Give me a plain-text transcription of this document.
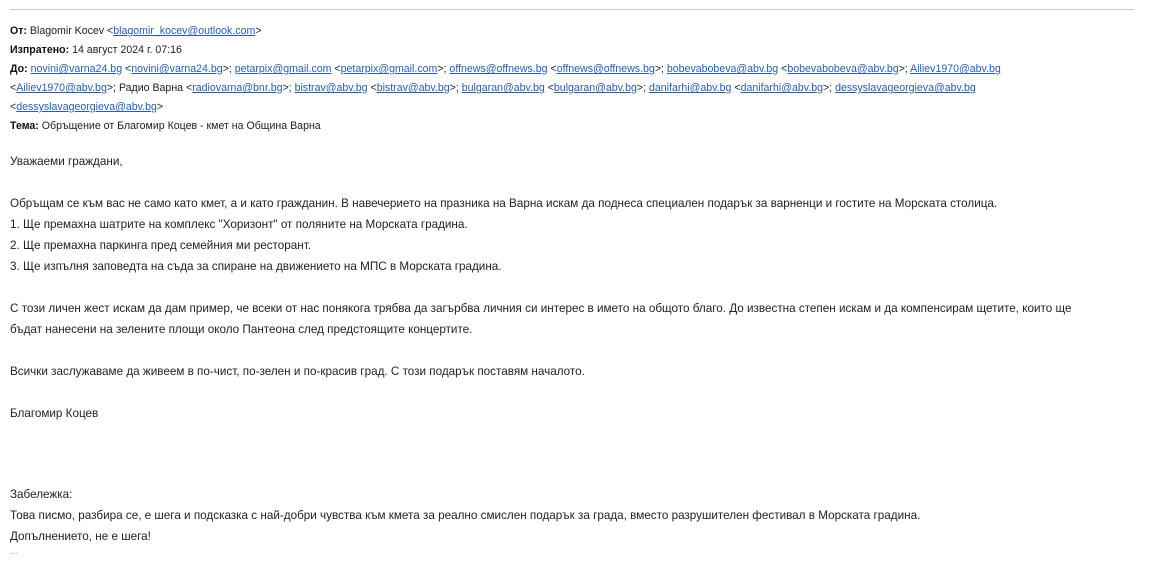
От: Blagomir Kocev <blagomir_kocev@outlook.com>
Изпратено: 14 август 2024 г. 07:16
До: novini@varna24.bg <novini@varna24.bg>; petarpix@gmail.com <petarpix@gmail.com>; offnews@offnews.bg <offnews@offnews.bg>; bobevabobeva@abv.bg <bobevabobeva@abv.bg>; Ailiev1970@abv.bg
<Ailiev1970@abv.bg>; Радио Варна <radiovarna@bnr.bg>; bistrav@abv.bg <bistrav@abv.bg>; bulgaran@abv.bg <bulgaran@abv.bg>; danifarhi@abv.bg <danifarhi@abv.bg>; dessyslavageorgieva@abv.bg
<dessyslavageorgieva@abv.bg>
Тема: Обръщение от Благомир Коцев - кмет на Община Варна

Уважаеми граждани,

Обръщам се към вас не само като кмет, а и като гражданин. В навечерието на празника на Варна искам да поднеса специален подарък за варненци и гостите на Морската столица.

1. Ще премахна шатрите на комплекс "Хоризонт" от поляните на Морската градина.

2. Ще премахна паркинга пред семейния ми ресторант.

3. Ще изпълня заповедта на съда за спиране на движението на МПС в Морската градина.

С този личен жест искам да дам пример, че всеки от нас понякога трябва да загърбва личния си интерес в името на общото благо. До известна степен искам и да компенсирам щетите, които ще

бъдат нанесени на зелените площи около Пантеона след предстоящите концертите.

Всички заслужаваме да живеем в по-чист, по-зелен и по-красив град. С този подарък поставям началото.

Благомир Коцев

Забележка:

Това писмо, разбира се, е шега и подсказка с най-добри чувства към кмета за реално смислен подарък за града, вместо разрушителен фестивал в Морската градина.

Допълнението, не е шега!

...
